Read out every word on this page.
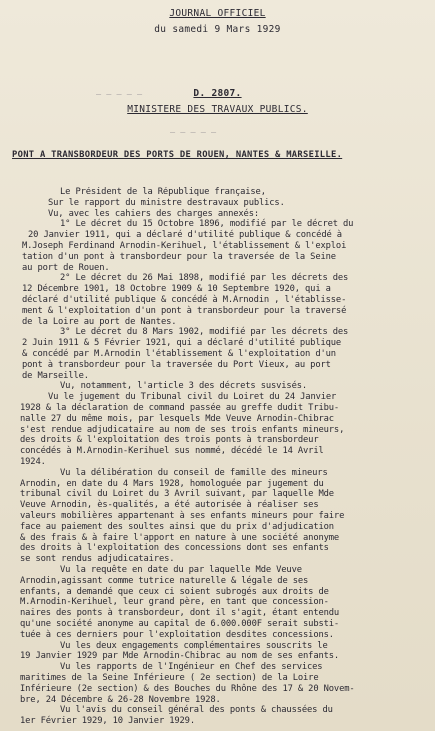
JOURNAL OFFICIEL
du samedi 9 Mars 1929
D. 2807.
MINISTERE DES TRAVAUX PUBLICS.
— — — — —
— — — — —
PONT A TRANSBORDEUR DES PORTS DE ROUEN, NANTES & MARSEILLE.
Le Président de la République française,
Sur le rapport du ministre destravaux publics.
Vu, avec les cahiers des charges annexés:
1° Le décret du 15 Octobre 1896, modifié par le décret du
20 Janvier 1911, qui a déclaré d'utilité publique & concédé à
M.Joseph Ferdinand Arnodin-Kerihuel, l'établissement & l'exploi
tation d'un pont à transbordeur pour la traversée de la Seine
au port de Rouen.
2° Le décret du 26 Mai 1898, modifié par les décrets des
12 Décembre 1901, 18 Octobre 1909 & 10 Septembre 1920, qui a
déclaré d'utilité publique & concédé à M.Arnodin , l'établisse-
ment & l'exploitation d'un pont à transbordeur pour la traversé
de la Loire au port de Nantes.
3° Le décret du 8 Mars 1902, modifié par les décrets des
2 Juin 1911 & 5 Février 1921, qui a déclaré d'utilité publique
& concédé par M.Arnodin l'établissement & l'exploitation d'un
pont à transbordeur pour la traversée du Port Vieux, au port
de Marseille.
Vu, notamment, l'article 3 des décrets susvisés.
Vu le jugement du Tribunal civil du Loiret du 24 Janvier
1928 & la déclaration de command passée au greffe dudit Tribu-
nalle 27 du même mois, par lesquels Mde Veuve Arnodin-Chibrac
s'est rendue adjudicataire au nom de ses trois enfants mineurs,
des droits & l'exploitation des trois ponts à transbordeur
concédés à M.Arnodin-Kerihuel sus nommé, décédé le 14 Avril
1924.
Vu la délibération du conseil de famille des mineurs
Arnodin, en date du 4 Mars 1928, homologuée par jugement du
tribunal civil du Loiret du 3 Avril suivant, par laquelle Mde
Veuve Arnodin, ès-qualités, a été autorisée à réaliser ses
valeurs mobilières appartenant à ses enfants mineurs pour faire
face au paiement des soultes ainsi que du prix d'adjudication
& des frais & à faire l'apport en nature à une société anonyme
des droits à l'exploitation des concessions dont ses enfants
se sont rendus adjudicataires.
Vu la requête en date du par laquelle Mde Veuve
Arnodin,agissant comme tutrice naturelle & légale de ses
enfants, a demandé que ceux ci soient subrogés aux droits de
M.Arnodin-Kerihuel, leur grand père, en tant que concession-
naires des ponts à transbordeur, dont il s'agit, étant entendu
qu'une société anonyme au capital de 6.000.000F serait substi-
tuée à ces derniers pour l'exploitation desdites concessions.
Vu les deux engagements complémentaires souscrits le
19 Janvier 1929 par Mde Arnodin-Chibrac au nom de ses enfants.
Vu les rapports de l'Ingénieur en Chef des services
maritimes de la Seine Inférieure ( 2e section) de la Loire
Inférieure (2e section) & des Bouches du Rhône des 17 & 20 Novem-
bre, 24 Décembre & 26-28 Novembre 1928.
Vu l'avis du conseil général des ponts & chaussées du
1er Février 1929, 10 Janvier 1929.
